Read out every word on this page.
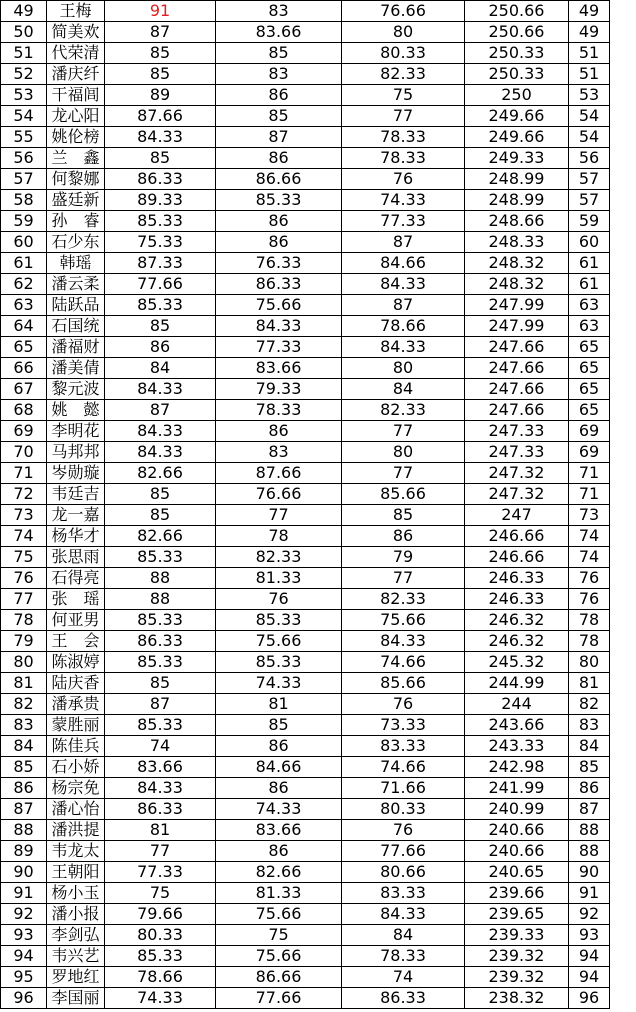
49	王梅	91	83	76.66	250.66	49
50	简美欢	87	83.66	80	250.66	49
51	代荣清	85	85	80.33	250.33	51
52	潘庆纤	85	83	82.33	250.33	51
53	干福闾	89	86	75	250	53
54	龙心阳	87.66	85	77	249.66	54
55	姚伦榜	84.33	87	78.33	249.66	54
56	兰　鑫	85	86	78.33	249.33	56
57	何黎娜	86.33	86.66	76	248.99	57
58	盛廷新	89.33	85.33	74.33	248.99	57
59	孙　睿	85.33	86	77.33	248.66	59
60	石少东	75.33	86	87	248.33	60
61	韩瑶	87.33	76.33	84.66	248.32	61
62	潘云柔	77.66	86.33	84.33	248.32	61
63	陆跃品	85.33	75.66	87	247.99	63
64	石国统	85	84.33	78.66	247.99	63
65	潘福财	86	77.33	84.33	247.66	65
66	潘美倩	84	83.66	80	247.66	65
67	黎元波	84.33	79.33	84	247.66	65
68	姚　懿	87	78.33	82.33	247.66	65
69	李明花	84.33	86	77	247.33	69
70	马邦邦	84.33	83	80	247.33	69
71	岑勋璇	82.66	87.66	77	247.32	71
72	韦廷吉	85	76.66	85.66	247.32	71
73	龙一嘉	85	77	85	247	73
74	杨华才	82.66	78	86	246.66	74
75	张思雨	85.33	82.33	79	246.66	74
76	石得亮	88	81.33	77	246.33	76
77	张　瑶	88	76	82.33	246.33	76
78	何亚男	85.33	85.33	75.66	246.32	78
79	王　会	86.33	75.66	84.33	246.32	78
80	陈淑婷	85.33	85.33	74.66	245.32	80
81	陆庆香	85	74.33	85.66	244.99	81
82	潘承贵	87	81	76	244	82
83	蒙胜丽	85.33	85	73.33	243.66	83
84	陈佳兵	74	86	83.33	243.33	84
85	石小娇	83.66	84.66	74.66	242.98	85
86	杨宗免	84.33	86	71.66	241.99	86
87	潘心怡	86.33	74.33	80.33	240.99	87
88	潘洪提	81	83.66	76	240.66	88
89	韦龙太	77	86	77.66	240.66	88
90	王朝阳	77.33	82.66	80.66	240.65	90
91	杨小玉	75	81.33	83.33	239.66	91
92	潘小报	79.66	75.66	84.33	239.65	92
93	李剑弘	80.33	75	84	239.33	93
94	韦兴艺	85.33	75.66	78.33	239.32	94
95	罗地红	78.66	86.66	74	239.32	94
96	李国丽	74.33	77.66	86.33	238.32	96
